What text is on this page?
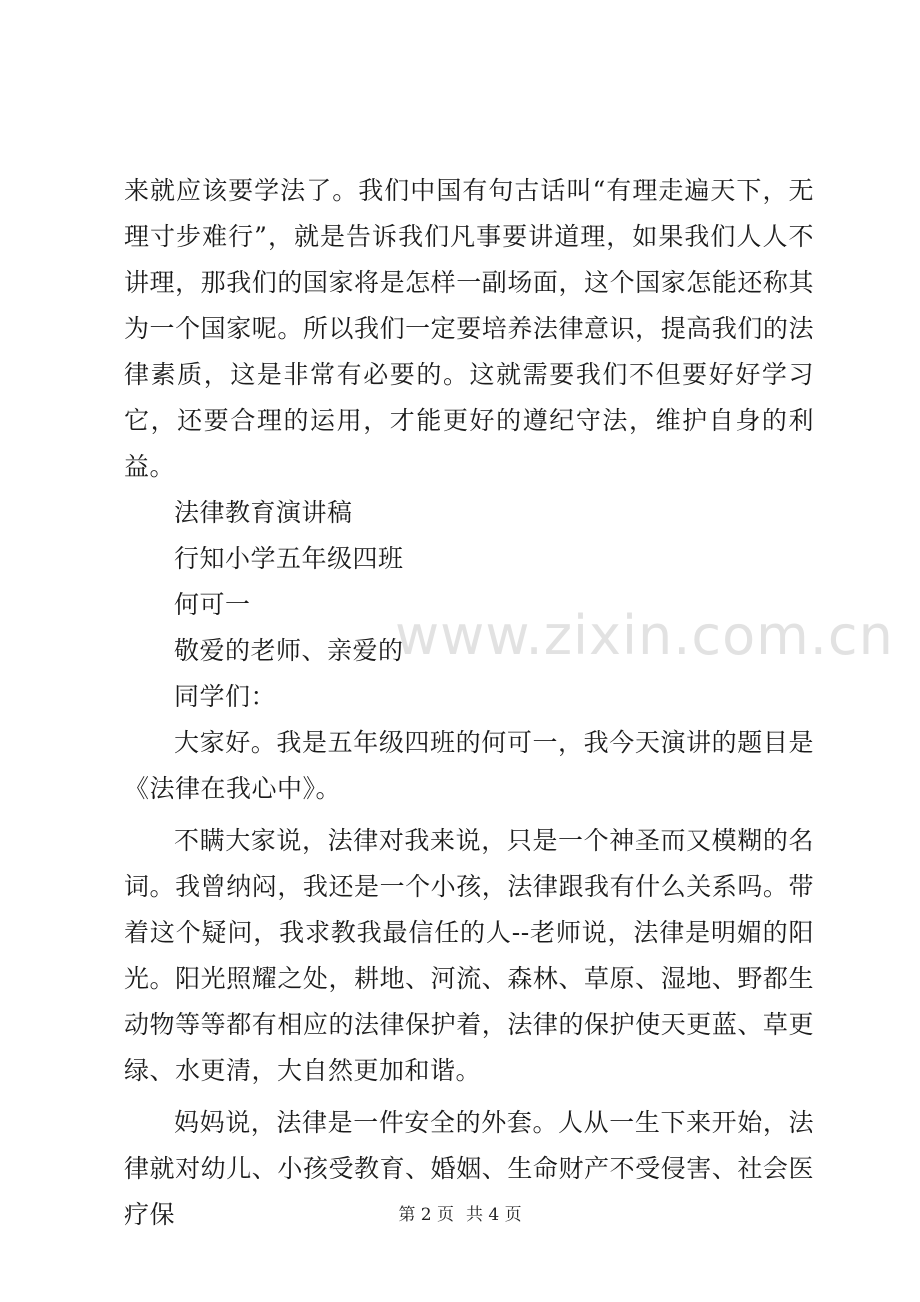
来就应该要学法了。我们中国有句古话叫“有理走遍天下，无理寸步难行”，就是告诉我们凡事要讲道理，如果我们人人不讲理，那我们的国家将是怎样一副场面，这个国家怎能还称其为一个国家呢。所以我们一定要培养法律意识，提高我们的法律素质，这是非常有必要的。这就需要我们不但要好好学习它，还要合理的运用，才能更好的遵纪守法，维护自身的利益。

法律教育演讲稿

行知小学五年级四班

何可一

敬爱的老师、亲爱的

同学们：

大家好。我是五年级四班的何可一，我今天演讲的题目是《法律在我心中》。

不瞒大家说，法律对我来说，只是一个神圣而又模糊的名词。我曾纳闷，我还是一个小孩，法律跟我有什么关系吗。带着这个疑问，我求教我最信任的人--老师说，法律是明媚的阳光。阳光照耀之处，耕地、河流、森林、草原、湿地、野都生动物等等都有相应的法律保护着，法律的保护使天更蓝、草更绿、水更清，大自然更加和谐。

妈妈说，法律是一件安全的外套。人从一生下来开始，法律就对幼儿、小孩受教育、婚姻、生命财产不受侵害、社会医疗保

www.zixin.com.cn
第 2 页 共 4 页
